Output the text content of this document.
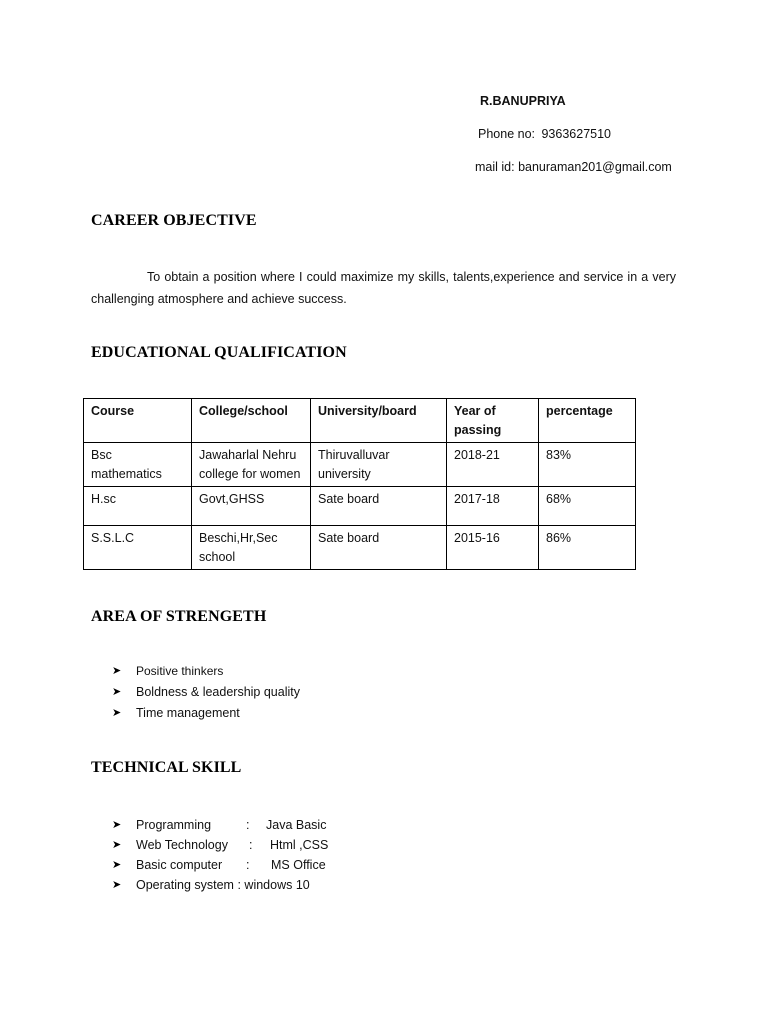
R.BANUPRIYA
Phone no: 9363627510
mail id: banuraman201@gmail.com
CAREER OBJECTIVE

To obtain a position where I could maximize my skills, talents,experience and service in a very challenging atmosphere and achieve success.

EDUCATIONAL QUALIFICATION
Course	College/school	University/board	Year of passing	percentage
Bsc mathematics	Jawaharlal Nehru college for women	Thiruvalluvar university	2018-21	83%
H.sc	Govt,GHSS	Sate board	2017-18	68%
S.S.L.C	Beschi,Hr,Sec school	Sate board	2015-16	86%
AREA OF STRENGETH
➤ Positive thinkers
➤ Boldness & leadership quality
➤ Time management
TECHNICAL SKILL
➤ Programming	: Java Basic
➤ Web Technology : Html ,CSS
➤ Basic computer : MS Office
➤ Operating system : windows 10
